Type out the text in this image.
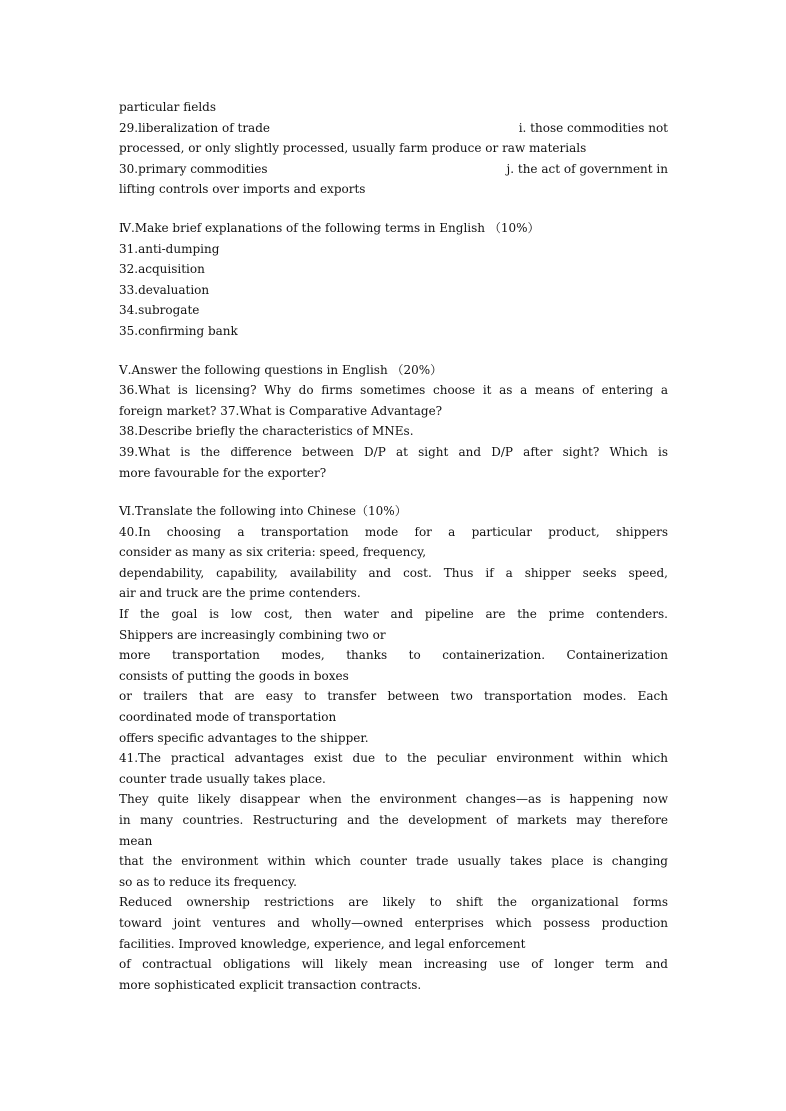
particular fields
29.liberalization of trade	i. those commodities not
processed, or only slightly processed, usually farm produce or raw materials
30.primary commodities	j. the act of government in
lifting controls over imports and exports
Ⅳ.Make brief explanations of the following terms in English （10%）
31.anti-dumping
32.acquisition
33.devaluation
34.subrogate
35.confirming bank
Ⅴ.Answer the following questions in English （20%）
36.What is licensing? Why do firms sometimes choose it as a means of entering a
foreign market? 37.What is Comparative Advantage?
38.Describe briefly the characteristics of MNEs.
39.What is the difference between D/P at sight and D/P after sight? Which is
more favourable for the exporter?
Ⅵ.Translate the following into Chinese（10%）
40.In choosing a transportation mode for a particular product, shippers
consider as many as six criteria: speed, frequency,
dependability, capability, availability and cost. Thus if a shipper seeks speed,
air and truck are the prime contenders.
If the goal is low cost, then water and pipeline are the prime contenders.
Shippers are increasingly combining two or
more transportation modes, thanks to containerization. Containerization
consists of putting the goods in boxes
or trailers that are easy to transfer between two transportation modes. Each
coordinated mode of transportation
offers specific advantages to the shipper.
41.The practical advantages exist due to the peculiar environment within which
counter trade usually takes place.
They quite likely disappear when the environment changes—as is happening now
in many countries. Restructuring and the development of markets may therefore
mean
that the environment within which counter trade usually takes place is changing
so as to reduce its frequency.
Reduced ownership restrictions are likely to shift the organizational forms
toward joint ventures and wholly—owned enterprises which possess production
facilities. Improved knowledge, experience, and legal enforcement
of contractual obligations will likely mean increasing use of longer term and
more sophisticated explicit transaction contracts.
